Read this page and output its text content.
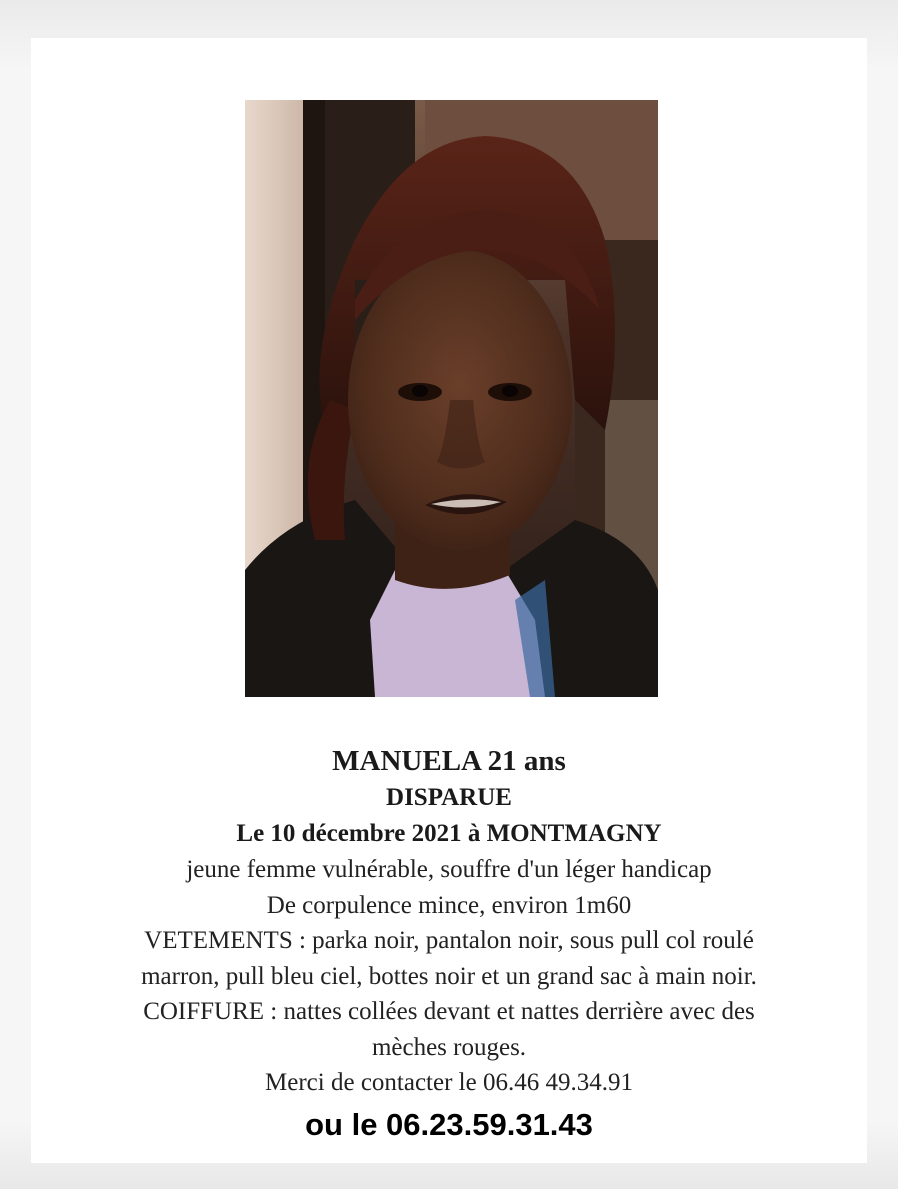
MANUELA 21 ans
DISPARUE
Le 10 décembre 2021 à MONTMAGNY
jeune femme vulnérable, souffre d'un léger handicap
De corpulence mince, environ 1m60
VETEMENTS : parka noir, pantalon noir, sous pull col roulé
marron, pull bleu ciel, bottes noir et un grand sac à main noir.
COIFFURE : nattes collées devant et nattes derrière avec des
mèches rouges.
Merci de contacter le 06.46 49.34.91
ou le 06.23.59.31.43
